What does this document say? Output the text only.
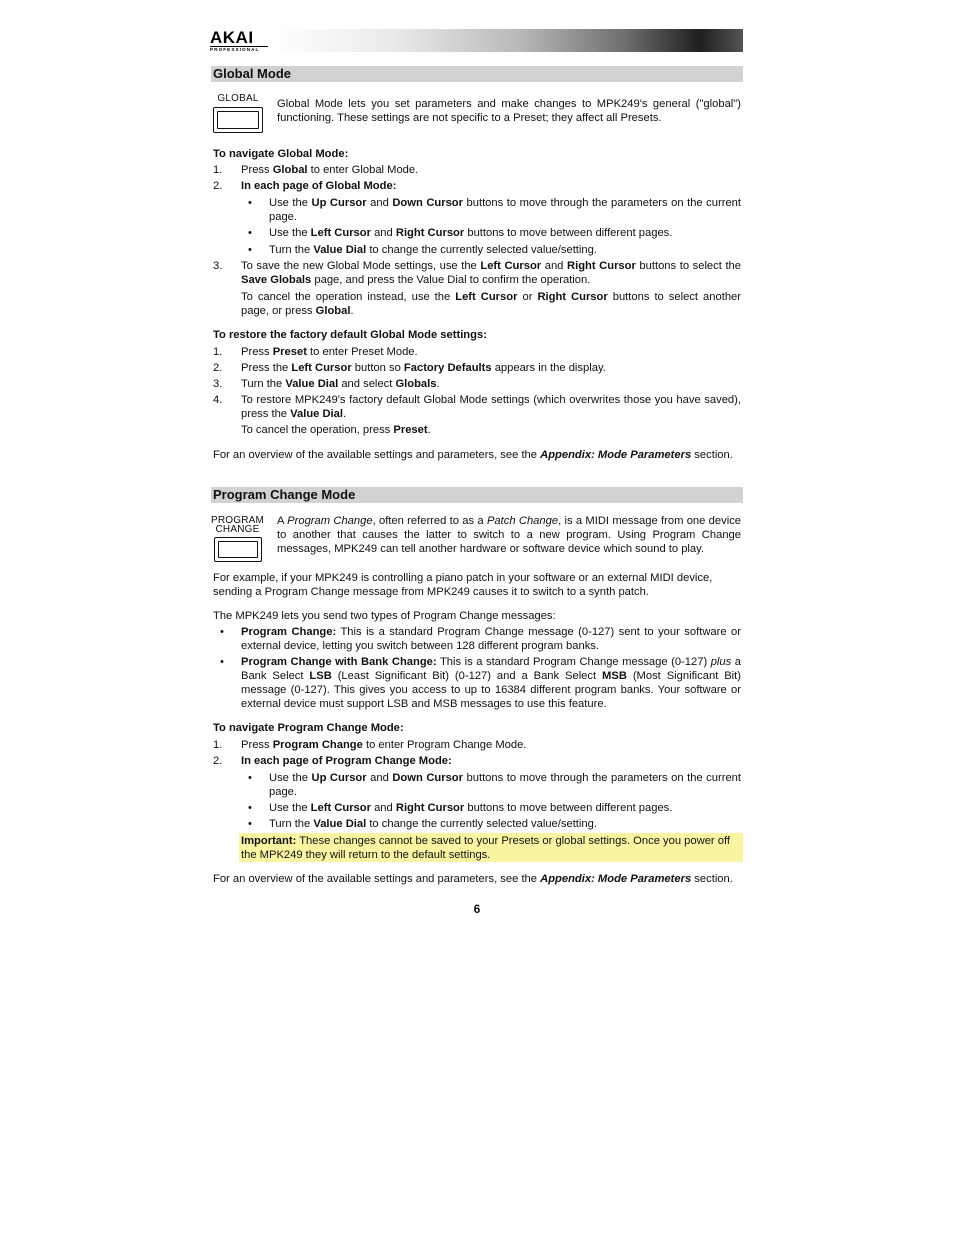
AKAI
PROFESSIONAL
Global Mode
GLOBAL	Global Mode lets you set parameters and make changes to MPK249's general ("global") functioning. These settings are not specific to a Preset; they affect all Presets.
To navigate Global Mode:
1. Press Global to enter Global Mode.
2. In each page of Global Mode:
• Use the Up Cursor and Down Cursor buttons to move through the parameters on the current page.
• Use the Left Cursor and Right Cursor buttons to move between different pages.
• Turn the Value Dial to change the currently selected value/setting.
3. To save the new Global Mode settings, use the Left Cursor and Right Cursor buttons to select the Save Globals page, and press the Value Dial to confirm the operation.
To cancel the operation instead, use the Left Cursor or Right Cursor buttons to select another page, or press Global.
To restore the factory default Global Mode settings:
1. Press Preset to enter Preset Mode.
2. Press the Left Cursor button so Factory Defaults appears in the display.
3. Turn the Value Dial and select Globals.
4. To restore MPK249's factory default Global Mode settings (which overwrites those you have saved), press the Value Dial.
To cancel the operation, press Preset.
For an overview of the available settings and parameters, see the Appendix: Mode Parameters section.
Program Change Mode
PROGRAM
CHANGE
A Program Change, often referred to as a Patch Change, is a MIDI message from one device to another that causes the latter to switch to a new program. Using Program Change messages, MPK249 can tell another hardware or software device which sound to play.
For example, if your MPK249 is controlling a piano patch in your software or an external MIDI device, sending a Program Change message from MPK249 causes it to switch to a synth patch.
The MPK249 lets you send two types of Program Change messages:
• Program Change: This is a standard Program Change message (0-127) sent to your software or external device, letting you switch between 128 different program banks.
• Program Change with Bank Change: This is a standard Program Change message (0-127) plus a Bank Select LSB (Least Significant Bit) (0-127) and a Bank Select MSB (Most Significant Bit) message (0-127). This gives you access to up to 16384 different program banks. Your software or external device must support LSB and MSB messages to use this feature.
To navigate Program Change Mode:
1. Press Program Change to enter Program Change Mode.
2. In each page of Program Change Mode:
• Use the Up Cursor and Down Cursor buttons to move through the parameters on the current page.
• Use the Left Cursor and Right Cursor buttons to move between different pages.
• Turn the Value Dial to change the currently selected value/setting.
Important: These changes cannot be saved to your Presets or global settings. Once you power off the MPK249 they will return to the default settings.
For an overview of the available settings and parameters, see the Appendix: Mode Parameters section.
6
